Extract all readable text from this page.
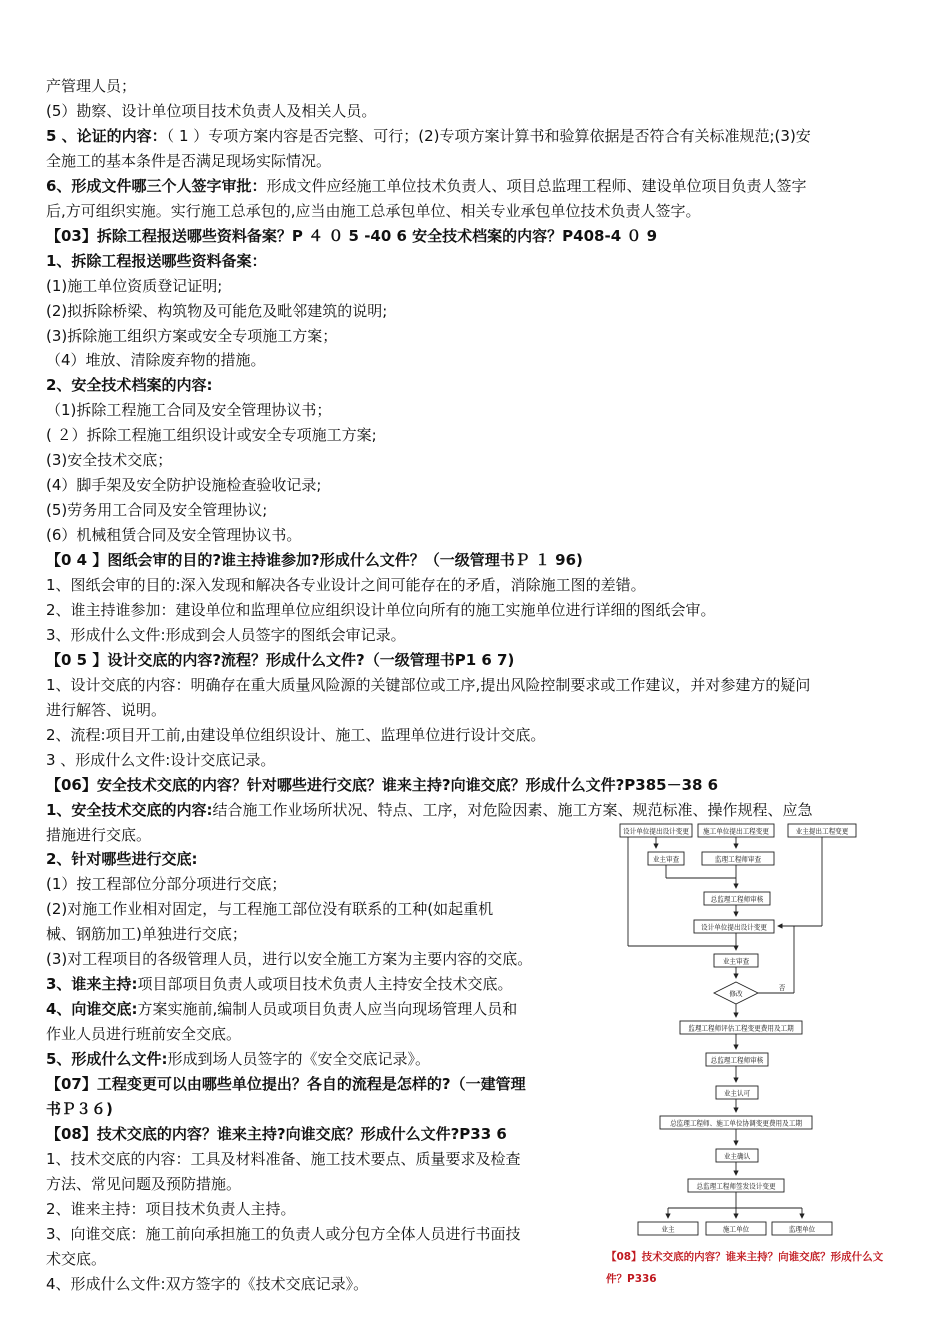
产管理人员；
(5）勘察、设计单位项目技术负责人及相关人员。
5 、论证的内容：（ 1 ）专项方案内容是否完整、可行；(2)专项方案计算书和验算依据是否符合有关标准规范;(3)安
全施工的基本条件是否满足现场实际情况。
6、形成文件哪三个人签字审批：形成文件应经施工单位技术负责人、项目总监理工程师、建设单位项目负责人签字
后,方可组织实施。实行施工总承包的,应当由施工总承包单位、相关专业承包单位技术负责人签字。
【03】拆除工程报送哪些资料备案？P ４ ０ 5 -40 6 安全技术档案的内容？P408-4 ０ 9
1、拆除工程报送哪些资料备案：
(1)施工单位资质登记证明;
(2)拟拆除桥梁、构筑物及可能危及毗邻建筑的说明;
(3)拆除施工组织方案或安全专项施工方案；
（4）堆放、清除废弃物的措施。
2、安全技术档案的内容:
（1)拆除工程施工合同及安全管理协议书；
( ２）拆除工程施工组织设计或安全专项施工方案;
(3)安全技术交底；
(4）脚手架及安全防护设施检查验收记录;
(5)劳务用工合同及安全管理协议;
(6）机械租赁合同及安全管理协议书。
【0 4 】图纸会审的目的?谁主持谁参加?形成什么文件？（一级管理书Ｐ １ 96)
1、图纸会审的目的:深入发现和解决各专业设计之间可能存在的矛盾，消除施工图的差错。
2、谁主持谁参加：建设单位和监理单位应组织设计单位向所有的施工实施单位进行详细的图纸会审。
3、形成什么文件:形成到会人员签字的图纸会审记录。
【0 5 】设计交底的内容?流程？形成什么文件?（一级管理书P1 6 7)
1、设计交底的内容：明确存在重大质量风险源的关键部位或工序,提出风险控制要求或工作建议，并对参建方的疑问
进行解答、说明。
2、流程:项目开工前,由建设单位组织设计、施工、监理单位进行设计交底。
3 、形成什么文件:设计交底记录。
【06】安全技术交底的内容？针对哪些进行交底？谁来主持?向谁交底？形成什么文件?P385－38 6
1、安全技术交底的内容:结合施工作业场所状况、特点、工序，对危险因素、施工方案、规范标准、操作规程、应急
措施进行交底。
2、针对哪些进行交底:
(1）按工程部位分部分项进行交底；
(2)对施工作业相对固定，与工程施工部位没有联系的工种(如起重机
械、钢筋加工)单独进行交底；
(3)对工程项目的各级管理人员，进行以安全施工方案为主要内容的交底。
3、谁来主持:项目部项目负责人或项目技术负责人主持安全技术交底。
4、向谁交底:方案实施前,编制人员或项目负责人应当向现场管理人员和
作业人员进行班前安全交底。
5、形成什么文件:形成到场人员签字的《安全交底记录》。
【07】工程变更可以由哪些单位提出？各自的流程是怎样的?（一建管理
书Ｐ３６)
【08】技术交底的内容？谁来主持?向谁交底？形成什么文件?P33 6
1、技术交底的内容：工具及材料准备、施工技术要点、质量要求及检查
方法、常见问题及预防措施。
2、谁来主持：项目技术负责人主持。
3、向谁交底：施工前向承担施工的负责人或分包方全体人员进行书面技
术交底。
4、形成什么文件:双方签字的《技术交底记录》。
设计单位提出设计变更 施工单位提出工程变更	业主提出工程变更
业主审查	监理工程师审查
总监理工程师审核
设计单位提出设计变更
业主审查
修改
否
监理工程师评估工程变更费用及工期
总监理工程师审核
业主认可
总监理工程师、施工单位协调变更费用及工期
业主确认
总监理工程师签发设计变更
业主	施工单位	监理单位
【08】技术交底的内容？谁来主持？向谁交底？形成什么文
件？P336
